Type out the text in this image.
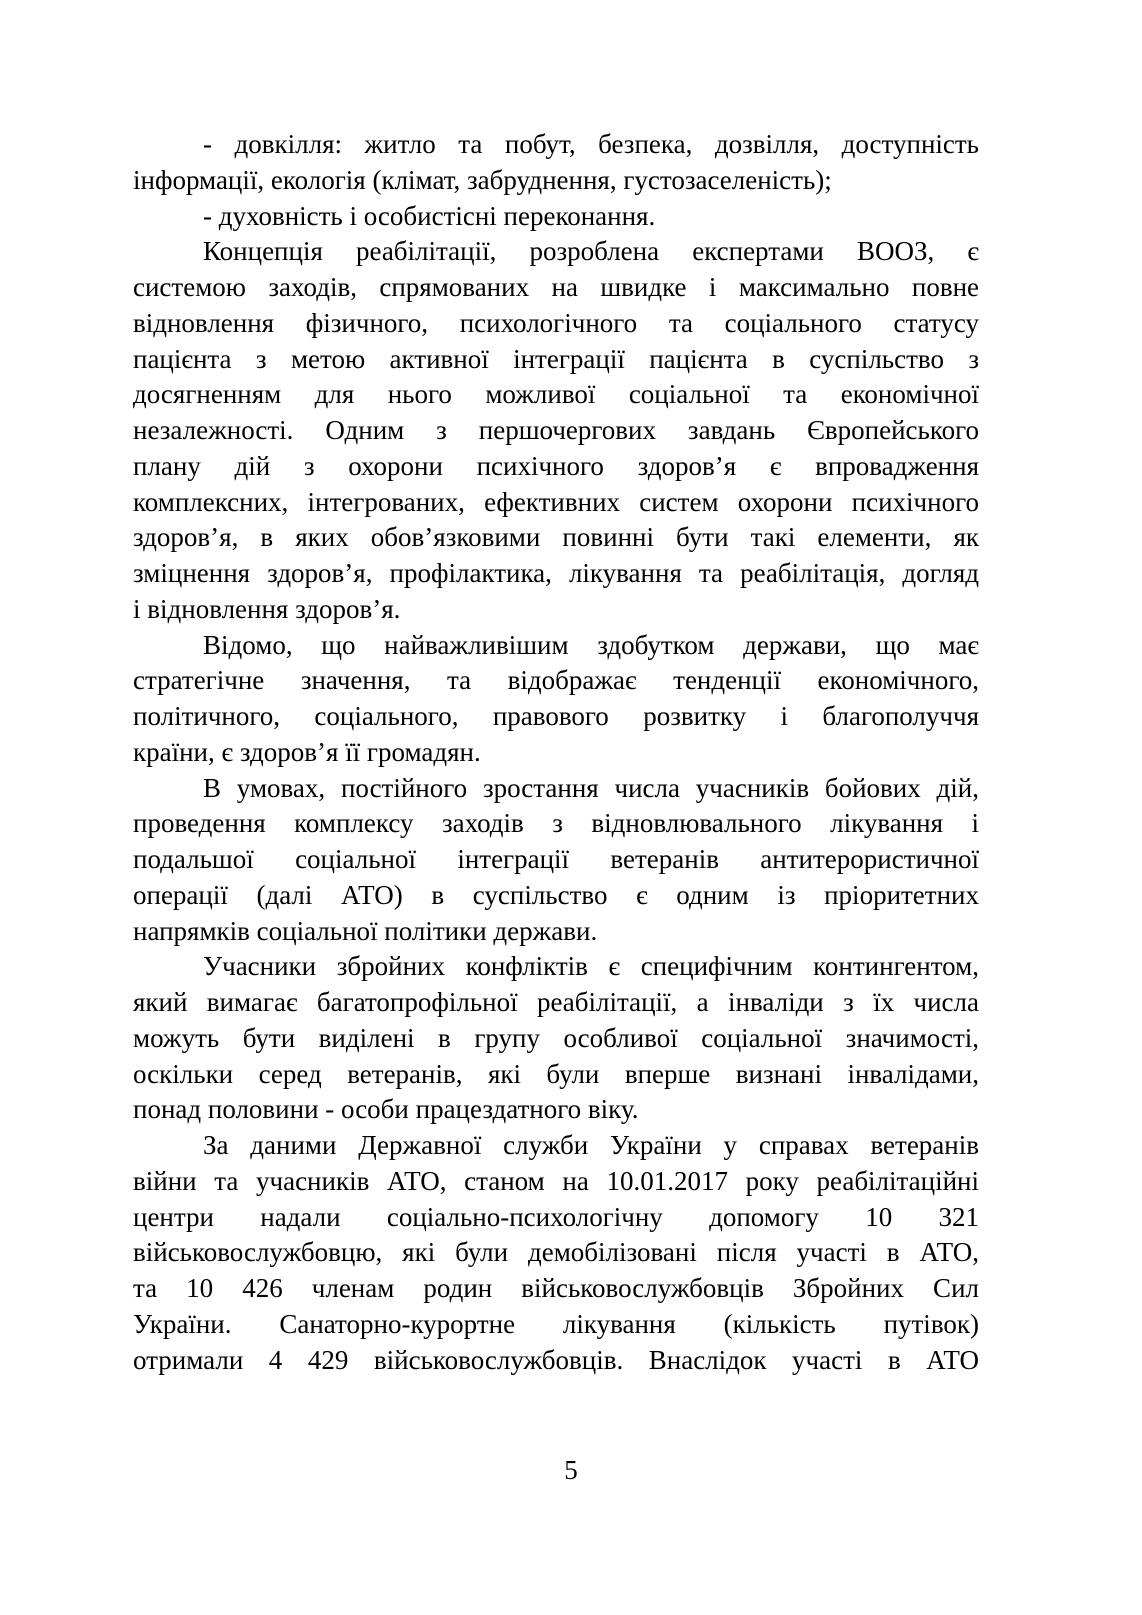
- довкілля: житло та побут, безпека, дозвілля, доступність
інформації, екологія (клімат, забруднення, густозаселеність);
- духовність і особистісні переконання.
Концепція реабілітації, розроблена експертами ВООЗ, є
системою заходів, спрямованих на швидке і максимально повне
відновлення фізичного, психологічного та соціального статусу
пацієнта з метою активної інтеграції пацієнта в суспільство з
досягненням для нього можливої соціальної та економічної
незалежності. Одним з першочергових завдань Європейського
плану дій з охорони психічного здоров’я є впровадження
комплексних, інтегрованих, ефективних систем охорони психічного
здоров’я, в яких обов’язковими повинні бути такі елементи, як
зміцнення здоров’я, профілактика, лікування та реабілітація, догляд
і відновлення здоров’я.
Відомо, що найважливішим здобутком держави, що має
стратегічне значення, та відображає тенденції економічного,
політичного, соціального, правового розвитку і благополуччя
країни, є здоров’я її громадян.
В умовах, постійного зростання числа учасників бойових дій,
проведення комплексу заходів з відновлювального лікування і
подальшої соціальної інтеграції ветеранів антитерористичної
операції (далі АТО) в суспільство є одним із пріоритетних
напрямків соціальної політики держави.
Учасники збройних конфліктів є специфічним контингентом,
який вимагає багатопрофільної реабілітації, а інваліди з їх числа
можуть бути виділені в групу особливої соціальної значимості,
оскільки серед ветеранів, які були вперше визнані інвалідами,
понад половини - особи працездатного віку.
За даними Державної служби України у справах ветеранів
війни та учасників АТО, станом на 10.01.2017 року реабілітаційні
центри надали соціально-психологічну допомогу 10 321
військовослужбовцю, які були демобілізовані після участі в АТО,
та 10 426 членам родин військовослужбовців Збройних Сил
України. Санаторно-курортне лікування (кількість путівок)
отримали 4 429 військовослужбовців. Внаслідок участі в АТО
5
